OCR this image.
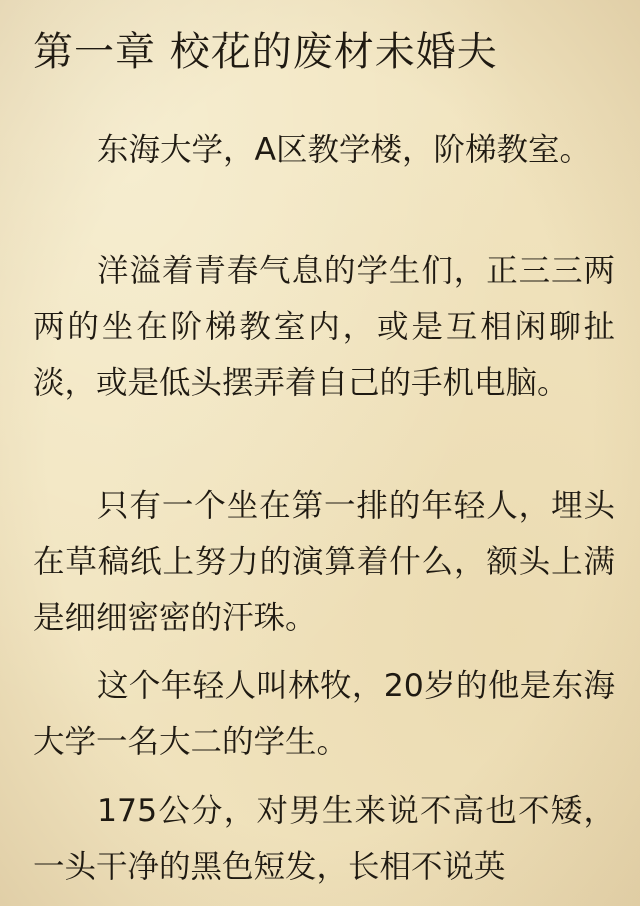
第一章 校花的废材未婚夫

东海大学，A区教学楼，阶梯教室。

洋溢着青春气息的学生们，正三三两两的坐在阶梯教室内，或是互相闲聊扯淡，或是低头摆弄着自己的手机电脑。

只有一个坐在第一排的年轻人，埋头在草稿纸上努力的演算着什么，额头上满是细细密密的汗珠。

这个年轻人叫林牧，20岁的他是东海大学一名大二的学生。

175公分，对男生来说不高也不矮，一头干净的黑色短发，长相不说英
